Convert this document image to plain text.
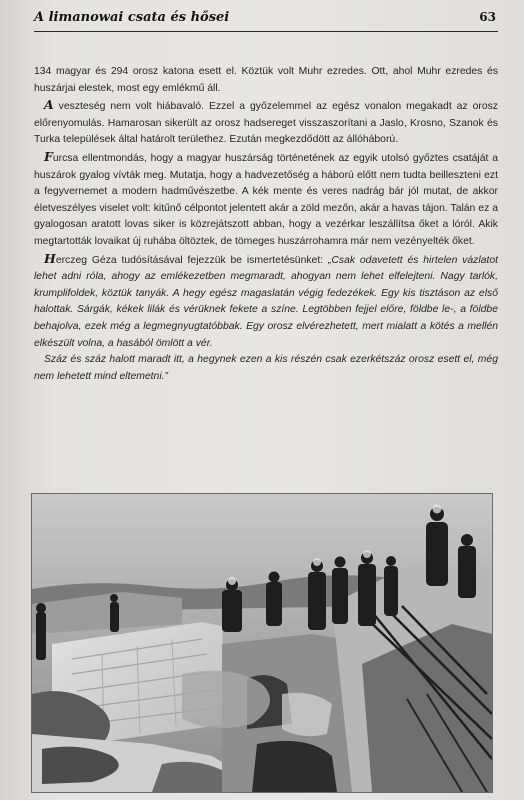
A limanowai csata és hősei	63

134 magyar és 294 orosz katona esett el. Köztük volt Muhr ezredes. Ott, ahol Muhr ezredes és huszárjai elestek, most egy emlékmű áll.

A veszteség nem volt hiábavaló. Ezzel a győzelemmel az egész vonalon megakadt az orosz előrenyomulás. Hamarosan sikerült az orosz hadsereget visszaszorítani a Jaslo, Krosno, Szanok és Turka települések által határolt területhez. Ezután megkezdődött az állóháború.

Furcsa ellentmondás, hogy a magyar huszárság történetének az egyik utolsó győztes csatáját a huszárok gyalog vívták meg. Mutatja, hogy a hadvezetőség a háború előtt nem tudta beilleszteni ezt a fegyvernemet a modern hadművészetbe. A kék mente és veres nadrág bár jól mutat, de akkor életveszélyes viselet volt: kitűnő célpontot jelentett akár a zöld mezőn, akár a havas tájon. Talán ez a gyalogosan aratott lovas siker is közrejátszott abban, hogy a vezérkar leszállítsa őket a lóról. Akik megtartották lovaikat új ruhába öltöztek, de tömeges huszárrohamra már nem vezényelték őket.

Herczeg Géza tudósításával fejezzük be ismertetésünket: „Csak odavetett és hirtelen vázlatot lehet adni róla, ahogy az emlékezetben megmaradt, ahogyan nem lehet elfelejteni. Nagy tarlók, krumplifoldek, köztük tanyák. A hegy egész magaslatán végig fedezékek. Egy kis tisztáson az első halottak. Sárgák, kékek lilák és vérüknek fekete a színe. Legtöbben fejjel előre, földbe le-, a földbe behajolva, ezek még a legmegnyugtatóbbak. Egy orosz elvérezhetett, mert mialatt a kötés a mellén elkészült volna, a hasából ömlött a vér.

Száz és száz halott maradt itt, a hegynek ezen a kis részén csak ezerkétszáz orosz esett el, még nem lehetett mind eltemetni.”
